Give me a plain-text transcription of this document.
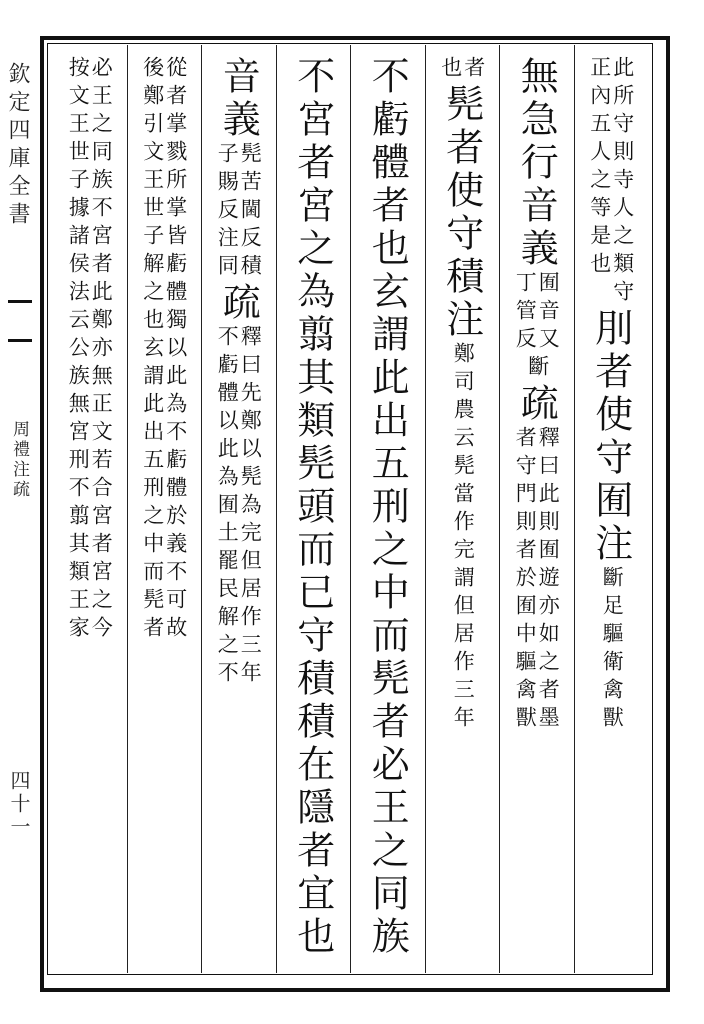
欽定四庫全書
周禮注疏
四十一
此所守則寺人之類守
正內五人之等是也
刖者使守囿注
斷足驅衛禽獸
無急行
音義
囿音又
丁管反
斷
疏
釋曰此則囿遊亦如之者墨
者守門則者於囿中驅禽獸
者
也
髡者使守積注
鄭司農云髡當作完謂但居作三年
不虧體者也玄謂此出五刑之中而髡者必王之同族
不宮者宮之為翦其類髡頭而已守積積在隱者宜也
音義
髡苦閫反積
子賜反注同
疏
釋曰先鄭以髡為完但居作三年
不虧體以此為囿土罷民解之不
從者掌戮所掌皆虧體獨以此為不虧體於義不可故
後鄭引文王世子解之也玄謂此出五刑之中而髡者
必王之同族不宮者此鄭亦無正文若合宮者宮之今
按文王世子據諸侯法云公族無宮刑不翦其類王家
